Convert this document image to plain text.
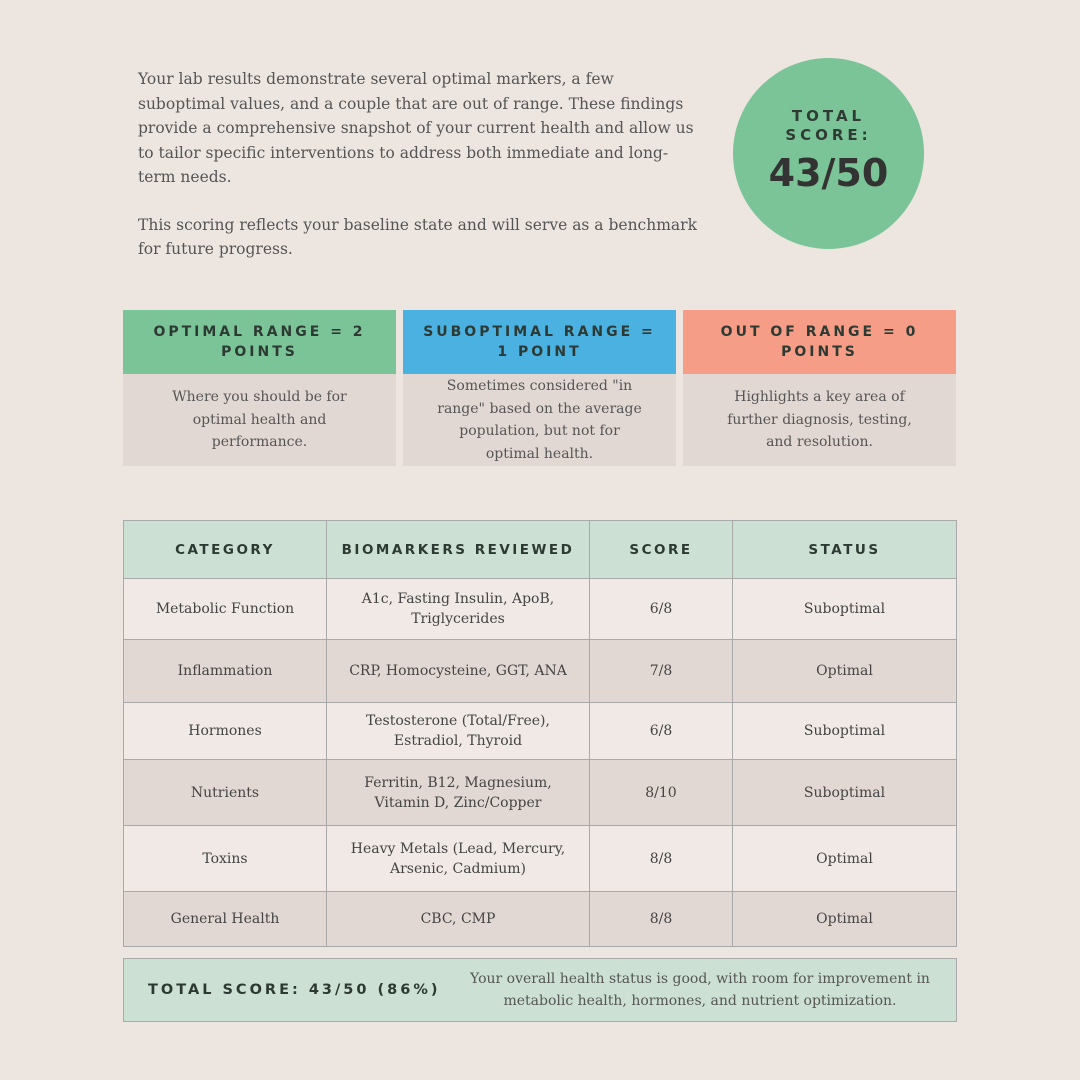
Your lab results demonstrate several optimal markers, a few suboptimal values, and a couple that are out of range. These findings provide a comprehensive snapshot of your current health and allow us to tailor specific interventions to address both immediate and long-term needs.

This scoring reflects your baseline state and will serve as a benchmark for future progress.

TOTAL SCORE:
43/50
OPTIMAL RANGE = 2 POINTS
Where you should be for optimal health and performance.
SUBOPTIMAL RANGE = 1 POINT
Sometimes considered "in range" based on the average population, but not for optimal health.
OUT OF RANGE = 0 POINTS
Highlights a key area of further diagnosis, testing, and resolution.
CATEGORY	BIOMARKERS REVIEWED	SCORE	STATUS
Metabolic Function	A1c, Fasting Insulin, ApoB, Triglycerides	6/8	Suboptimal
Inflammation	CRP, Homocysteine, GGT, ANA	7/8	Optimal
Hormones	Testosterone (Total/Free), Estradiol, Thyroid	6/8	Suboptimal
Nutrients	Ferritin, B12, Magnesium, Vitamin D, Zinc/Copper	8/10	Suboptimal
Toxins	Heavy Metals (Lead, Mercury, Arsenic, Cadmium)	8/8	Optimal
General Health	CBC, CMP	8/8	Optimal
TOTAL SCORE: 43/50 (86%)
Your overall health status is good, with room for improvement in metabolic health, hormones, and nutrient optimization.
